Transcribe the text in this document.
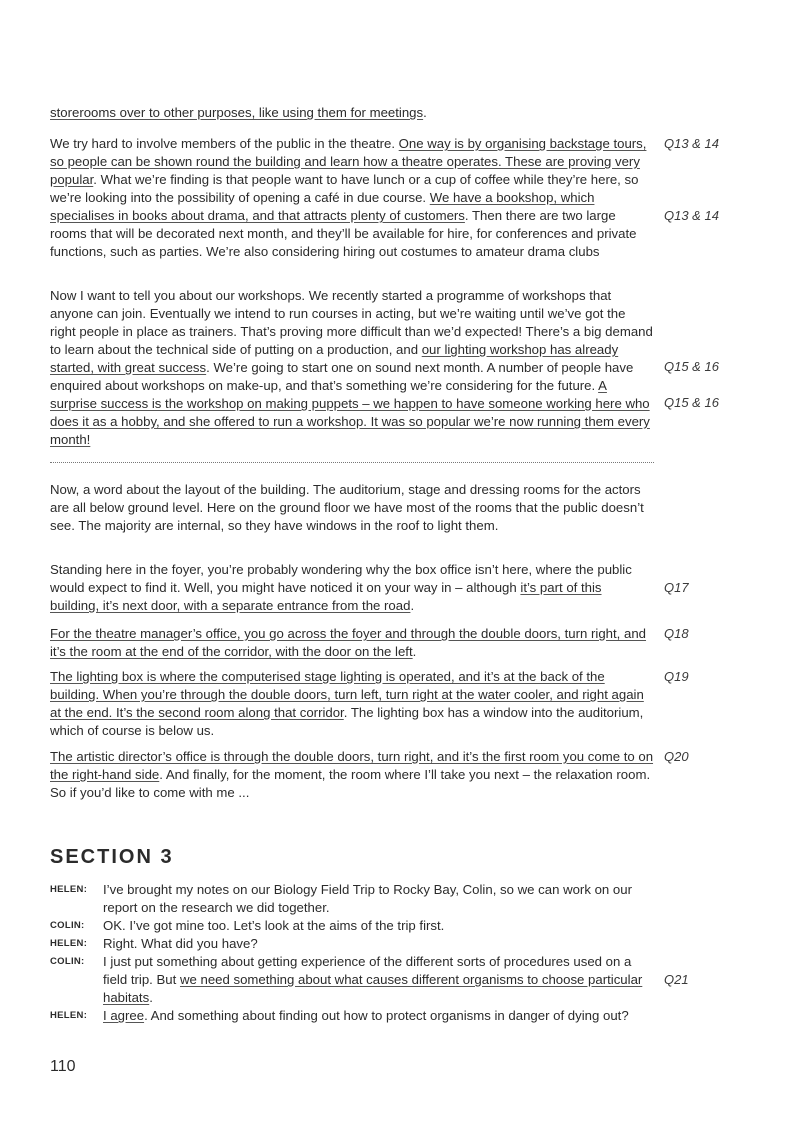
storerooms over to other purposes, like using them for meetings.

We try hard to involve members of the public in the theatre. One way is by organising backstage tours, so people can be shown round the building and learn how a theatre operates. These are proving very popular. What we’re finding is that people want to have lunch or a cup of coffee while they’re here, so we’re looking into the possibility of opening a café in due course. We have a bookshop, which specialises in books about drama, and that attracts plenty of customers. Then there are two large rooms that will be decorated next month, and they’ll be available for hire, for conferences and private functions, such as parties. We’re also considering hiring out costumes to amateur drama clubs

Q13 & 14
Q13 & 14

Now I want to tell you about our workshops. We recently started a programme of workshops that anyone can join. Eventually we intend to run courses in acting, but we’re waiting until we’ve got the right people in place as trainers. That’s proving more difficult than we’d expected! There’s a big demand to learn about the technical side of putting on a production, and our lighting workshop has already started, with great success. We’re going to start one on sound next month. A number of people have enquired about workshops on make-up, and that’s something we’re considering for the future. A surprise success is the workshop on making puppets – we happen to have someone working here who does it as a hobby, and she offered to run a workshop. It was so popular we’re now running them every month!

Q15 & 16
Q15 & 16

Now, a word about the layout of the building. The auditorium, stage and dressing rooms for the actors are all below ground level. Here on the ground floor we have most of the rooms that the public doesn’t see. The majority are internal, so they have windows in the roof to light them.

Standing here in the foyer, you’re probably wondering why the box office isn’t here, where the public would expect to find it. Well, you might have noticed it on your way in – although it’s part of this building, it’s next door, with a separate entrance from the road.

Q17

For the theatre manager’s office, you go across the foyer and through the double doors, turn right, and it’s the room at the end of the corridor, with the door on the left.

Q18

The lighting box is where the computerised stage lighting is operated, and it’s at the back of the building. When you’re through the double doors, turn left, turn right at the water cooler, and right again at the end. It’s the second room along that corridor. The lighting box has a window into the auditorium, which of course is below us.

Q19

The artistic director’s office is through the double doors, turn right, and it’s the first room you come to on the right-hand side. And finally, for the moment, the room where I’ll take you next – the relaxation room. So if you’d like to come with me ...

Q20
SECTION 3
HELEN:	I’ve brought my notes on our Biology Field Trip to Rocky Bay, Colin, so we can work on our report on the research we did together.

COLIN:	OK. I’ve got mine too. Let’s look at the aims of the trip first.

HELEN:	Right. What did you have?

COLIN:	I just put something about getting experience of the different sorts of procedures used on a field trip. But we need something about what causes different organisms to choose particular habitats.

Q21
HELEN:	I agree. And something about finding out how to protect organisms in danger of dying out?

110
